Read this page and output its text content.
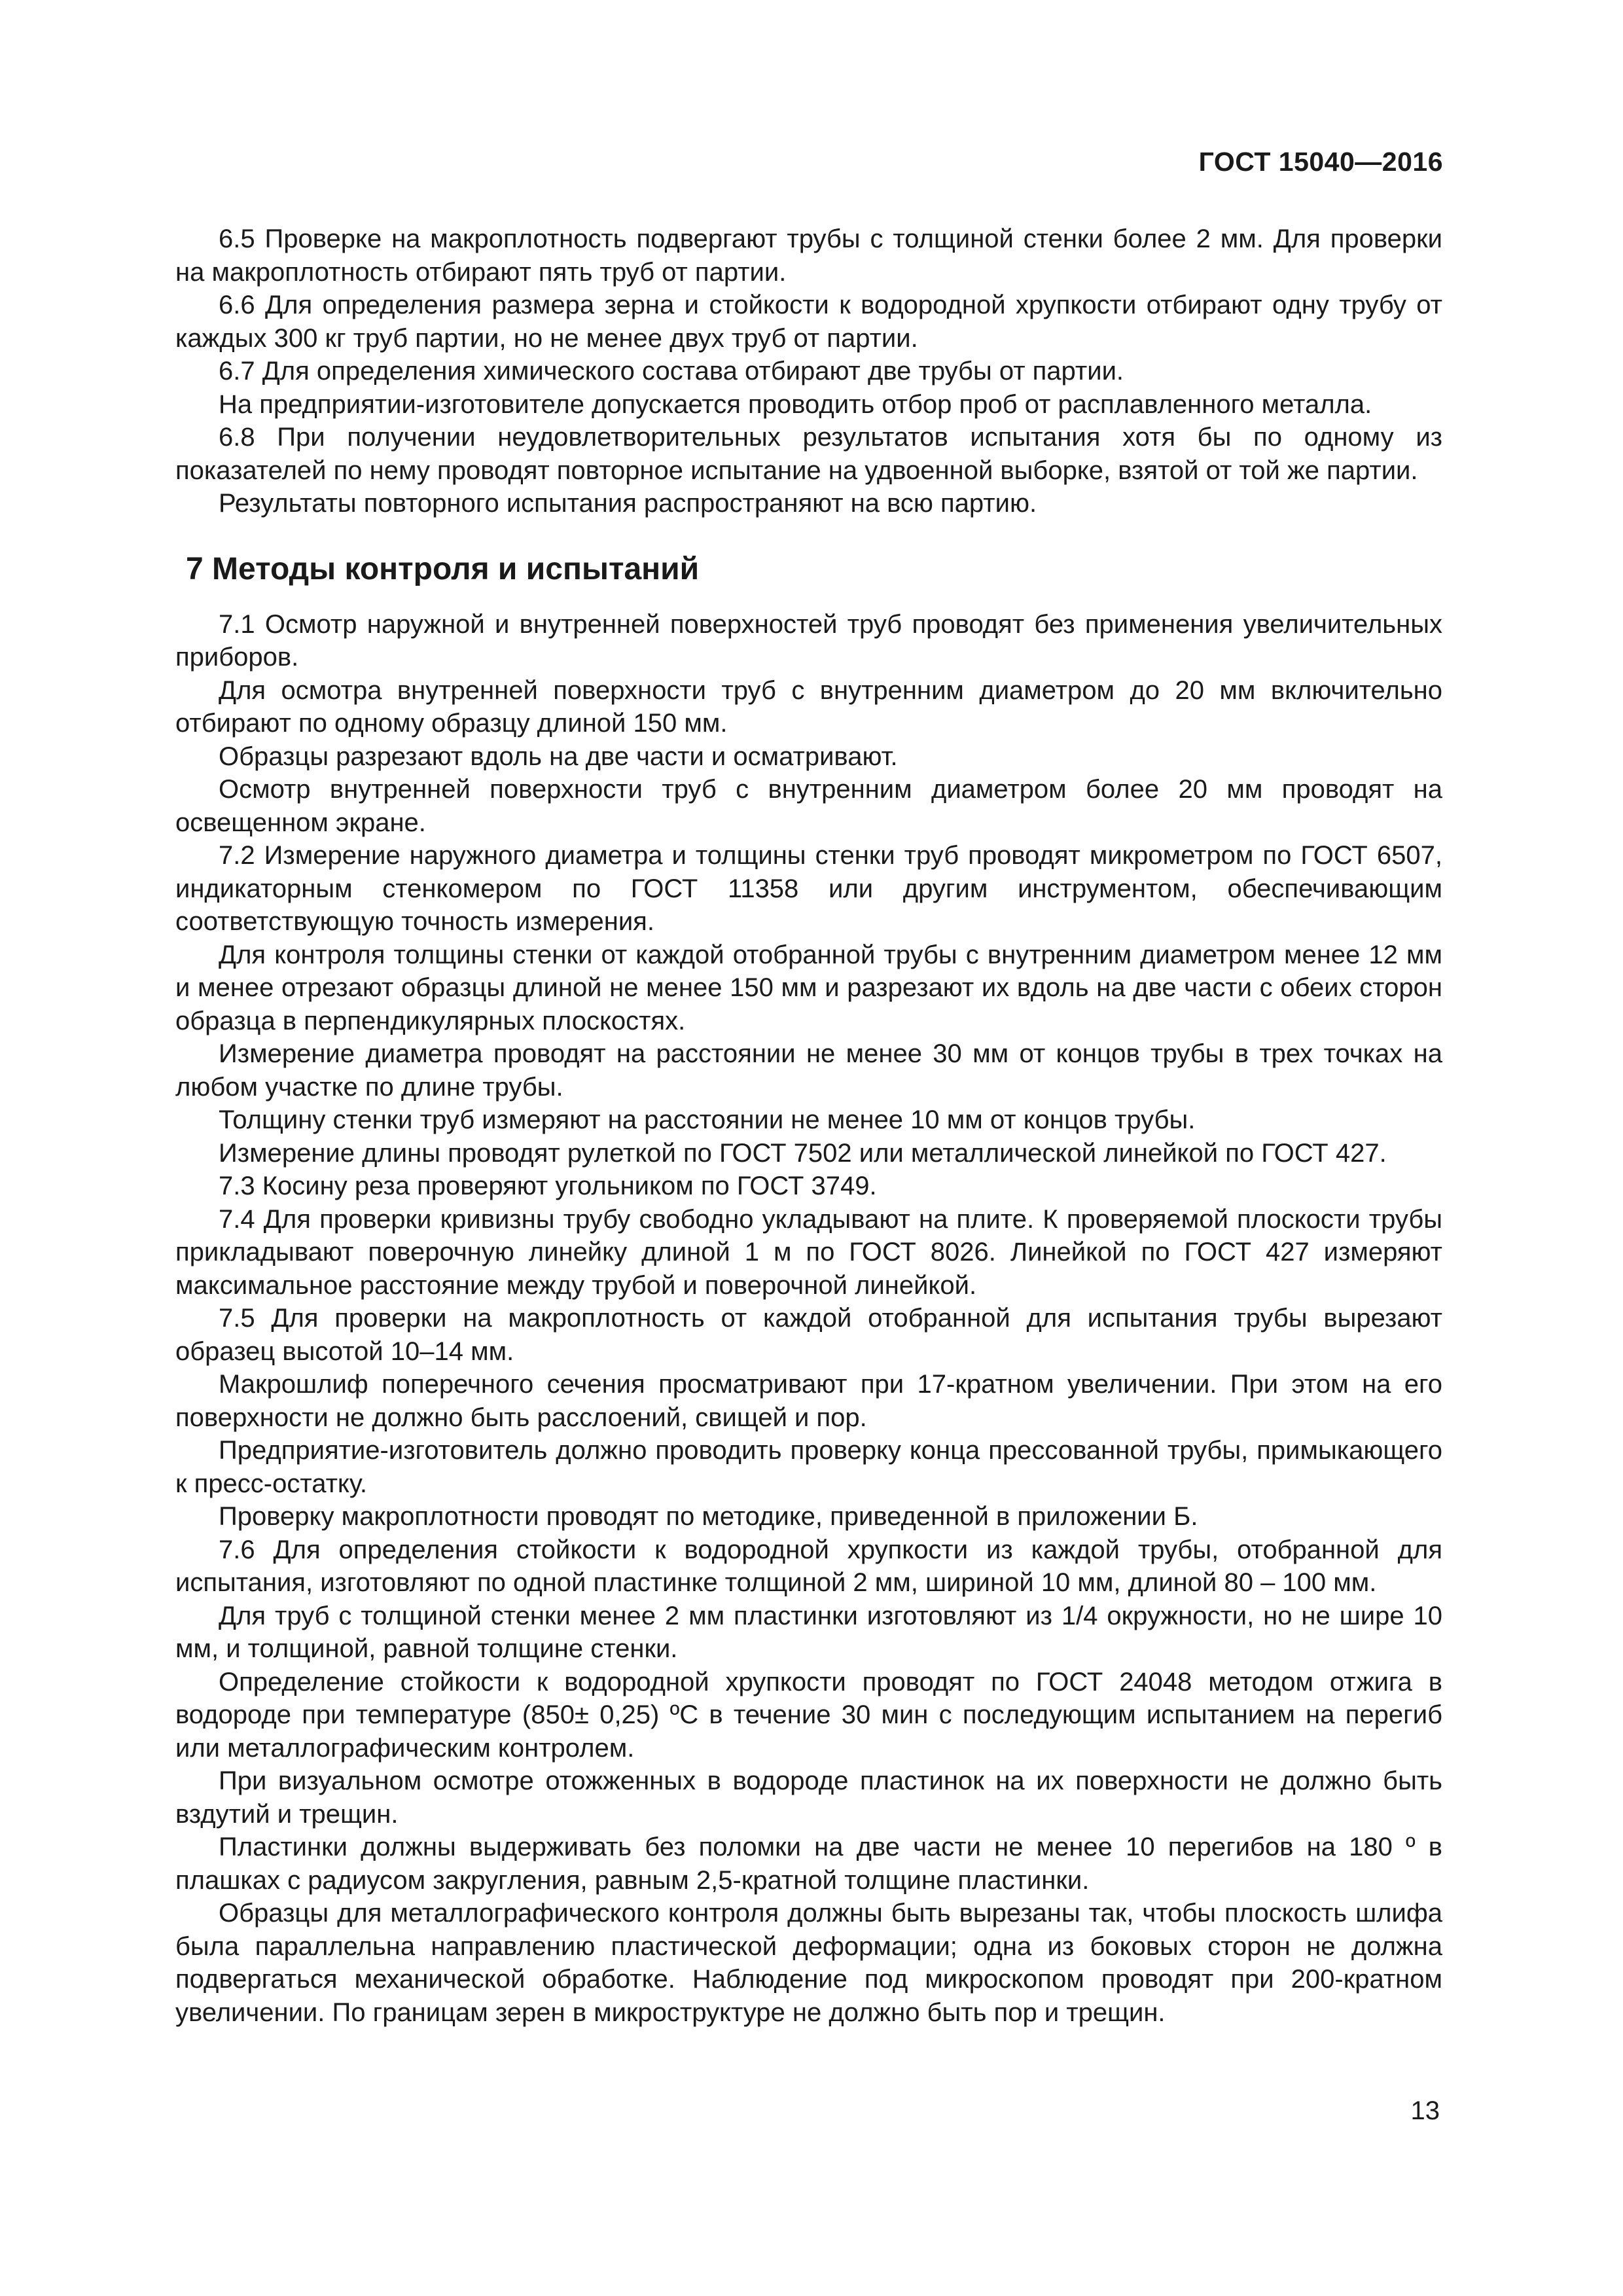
ГОСТ 15040—2016

6.5 Проверке на макроплотность подвергают трубы с толщиной стенки более 2 мм. Для проверки на макроплотность отбирают пять труб от партии.

6.6 Для определения размера зерна и стойкости к водородной хрупкости отбирают одну трубу от каждых 300 кг труб партии, но не менее двух труб от партии.

6.7 Для определения химического состава отбирают две трубы от партии.

На предприятии-изготовителе допускается проводить отбор проб от расплавленного металла.

6.8 При получении неудовлетворительных результатов испытания хотя бы по одному из показателей по нему проводят повторное испытание на удвоенной выборке, взятой от той же партии.

Результаты повторного испытания распространяют на всю партию.

7 Методы контроля и испытаний

7.1 Осмотр наружной и внутренней поверхностей труб проводят без применения увеличительных приборов.

Для осмотра внутренней поверхности труб с внутренним диаметром до 20 мм включительно отбирают по одному образцу длиной 150 мм.

Образцы разрезают вдоль на две части и осматривают.

Осмотр внутренней поверхности труб с внутренним диаметром более 20 мм проводят на освещенном экране.

7.2 Измерение наружного диаметра и толщины стенки труб проводят микрометром по ГОСТ 6507, индикаторным стенкомером по ГОСТ 11358 или другим инструментом, обеспечивающим соответствующую точность измерения.

Для контроля толщины стенки от каждой отобранной трубы с внутренним диаметром менее 12 мм и менее отрезают образцы длиной не менее 150 мм и разрезают их вдоль на две части с обеих сторон образца в перпендикулярных плоскостях.

Измерение диаметра проводят на расстоянии не менее 30 мм от концов трубы в трех точках на любом участке по длине трубы.

Толщину стенки труб измеряют на расстоянии не менее 10 мм от концов трубы.

Измерение длины проводят рулеткой по ГОСТ 7502 или металлической линейкой по ГОСТ 427.

7.3 Косину реза проверяют угольником по ГОСТ 3749.

7.4 Для проверки кривизны трубу свободно укладывают на плите. К проверяемой плоскости трубы прикладывают поверочную линейку длиной 1 м по ГОСТ 8026. Линейкой по ГОСТ 427 измеряют максимальное расстояние между трубой и поверочной линейкой.

7.5 Для проверки на макроплотность от каждой отобранной для испытания трубы вырезают образец высотой 10–14 мм.

Макрошлиф поперечного сечения просматривают при 17-кратном увеличении. При этом на его поверхности не должно быть расслоений, свищей и пор.

Предприятие-изготовитель должно проводить проверку конца прессованной трубы, примыкающего к пресс-остатку.

Проверку макроплотности проводят по методике, приведенной в приложении Б.

7.6 Для определения стойкости к водородной хрупкости из каждой трубы, отобранной для испытания, изготовляют по одной пластинке толщиной 2 мм, шириной 10 мм, длиной 80 – 100 мм.

Для труб с толщиной стенки менее 2 мм пластинки изготовляют из 1/4 окружности, но не шире 10 мм, и толщиной, равной толщине стенки.

Определение стойкости к водородной хрупкости проводят по ГОСТ 24048 методом отжига в водороде при температуре (850± 0,25) ºС в течение 30 мин с последующим испытанием на перегиб или металлографическим контролем.

При визуальном осмотре отожженных в водороде пластинок на их поверхности не должно быть вздутий и трещин.

Пластинки должны выдерживать без поломки на две части не менее 10 перегибов на 180 º в плашках с радиусом закругления, равным 2,5-кратной толщине пластинки.

Образцы для металлографического контроля должны быть вырезаны так, чтобы плоскость шлифа была параллельна направлению пластической деформации; одна из боковых сторон не должна подвергаться механической обработке. Наблюдение под микроскопом проводят при 200-кратном увеличении. По границам зерен в микроструктуре не должно быть пор и трещин.

13
